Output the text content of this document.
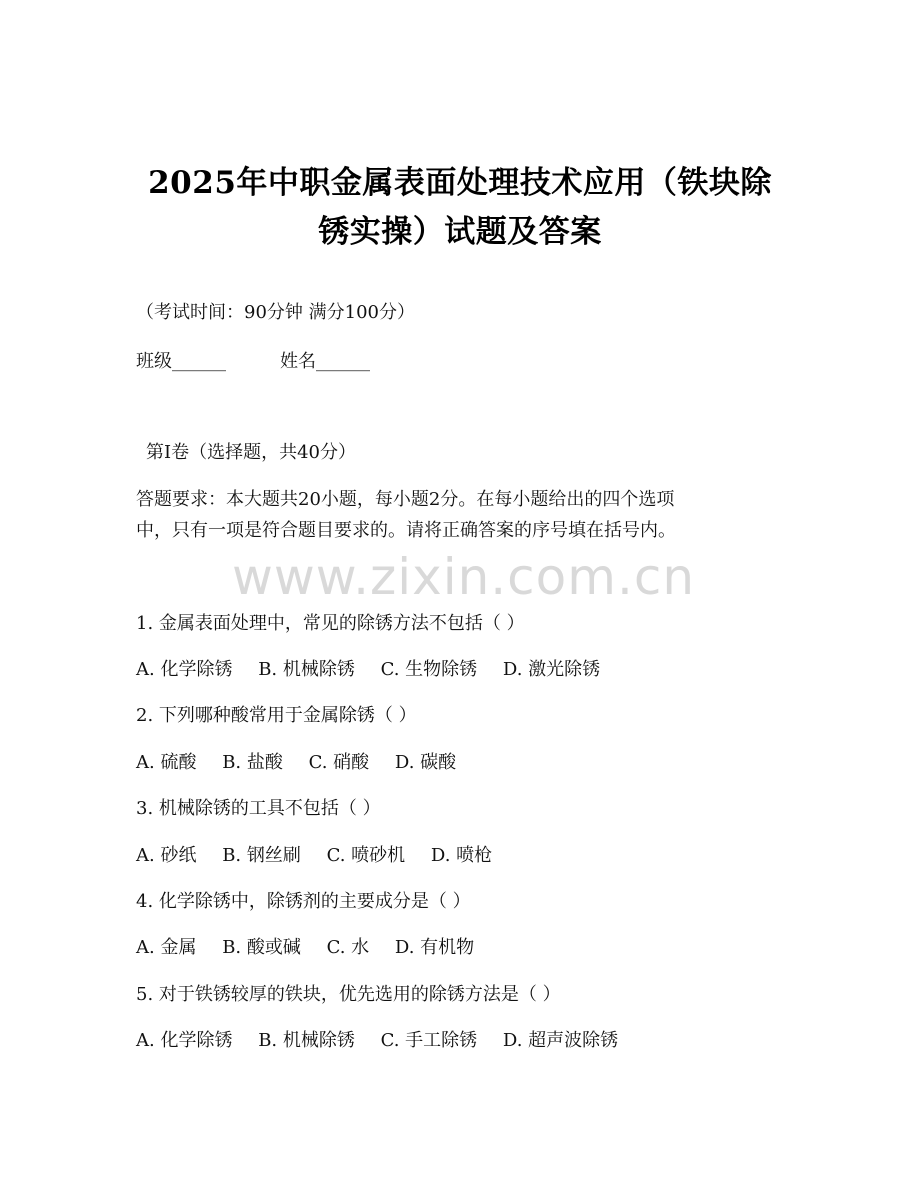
2025年中职金属表面处理技术应用（铁块除
锈实操）试题及答案
（考试时间：90分钟 满分100分）
班级______	姓名______
第I卷（选择题，共40分）
答题要求：本大题共20小题，每小题2分。在每小题给出的四个选项
中，只有一项是符合题目要求的。请将正确答案的序号填在括号内。
www.zixin.com.cn
1. 金属表面处理中，常见的除锈方法不包括（ ）
A. 化学除锈 B. 机械除锈 C. 生物除锈 D. 激光除锈
2. 下列哪种酸常用于金属除锈（ ）
A. 硫酸 B. 盐酸 C. 硝酸 D. 碳酸
3. 机械除锈的工具不包括（ ）
A. 砂纸 B. 钢丝刷 C. 喷砂机 D. 喷枪
4. 化学除锈中，除锈剂的主要成分是（ ）
A. 金属 B. 酸或碱 C. 水 D. 有机物
5. 对于铁锈较厚的铁块，优先选用的除锈方法是（ ）
A. 化学除锈 B. 机械除锈 C. 手工除锈 D. 超声波除锈
